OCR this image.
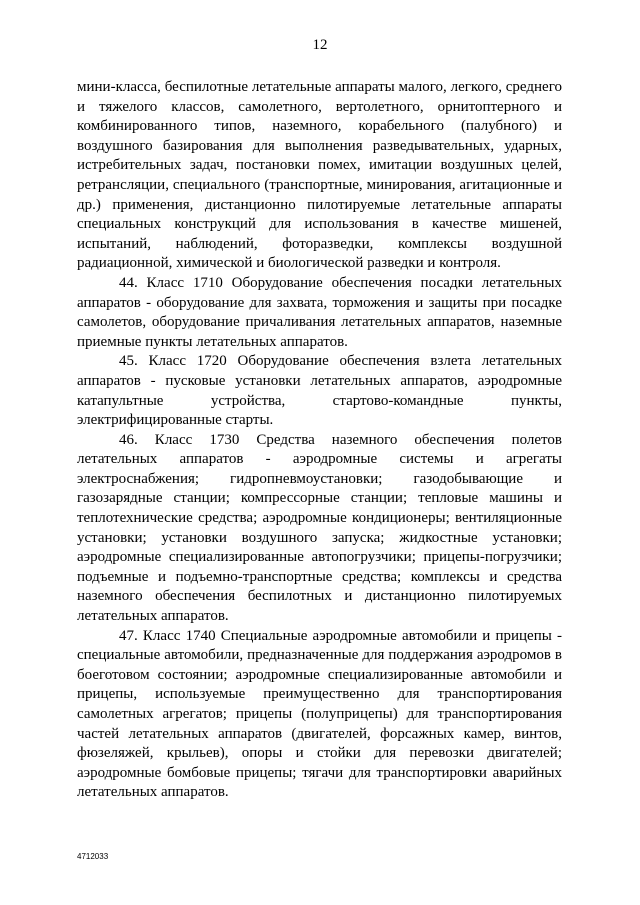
12

мини-класса, беспилотные летательные аппараты малого, легкого, среднего и тяжелого классов, самолетного, вертолетного, орнитоптерного и комбинированного типов, наземного, корабельного (палубного) и воздушного базирования для выполнения разведывательных, ударных, истребительных задач, постановки помех, имитации воздушных целей, ретрансляции, специального (транспортные, минирования, агитационные и др.) применения, дистанционно пилотируемые летательные аппараты специальных конструкций для использования в качестве мишеней, испытаний, наблюдений, фоторазведки, комплексы воздушной радиационной, химической и биологической разведки и контроля.

44. Класс 1710 Оборудование обеспечения посадки летательных аппаратов - оборудование для захвата, торможения и защиты при посадке самолетов, оборудование причаливания летательных аппаратов, наземные приемные пункты летательных аппаратов.

45. Класс 1720 Оборудование обеспечения взлета летательных аппаратов - пусковые установки летательных аппаратов, аэродромные катапультные устройства, стартово-командные пункты, электрифицированные старты.

46. Класс 1730 Средства наземного обеспечения полетов летательных аппаратов - аэродромные системы и агрегаты электроснабжения; гидропневмоустановки; газодобывающие и газозарядные станции; компрессорные станции; тепловые машины и теплотехнические средства; аэродромные кондиционеры; вентиляционные установки; установки воздушного запуска; жидкостные установки; аэродромные специализированные автопогрузчики; прицепы-погрузчики; подъемные и подъемно-транспортные средства; комплексы и средства наземного обеспечения беспилотных и дистанционно пилотируемых летательных аппаратов.

47. Класс 1740 Специальные аэродромные автомобили и прицепы - специальные автомобили, предназначенные для поддержания аэродромов в боеготовом состоянии; аэродромные специализированные автомобили и прицепы, используемые преимущественно для транспортирования самолетных агрегатов; прицепы (полуприцепы) для транспортирования частей летательных аппаратов (двигателей, форсажных камер, винтов, фюзеляжей, крыльев), опоры и стойки для перевозки двигателей; аэродромные бомбовые прицепы; тягачи для транспортировки аварийных летательных аппаратов.

4712033
